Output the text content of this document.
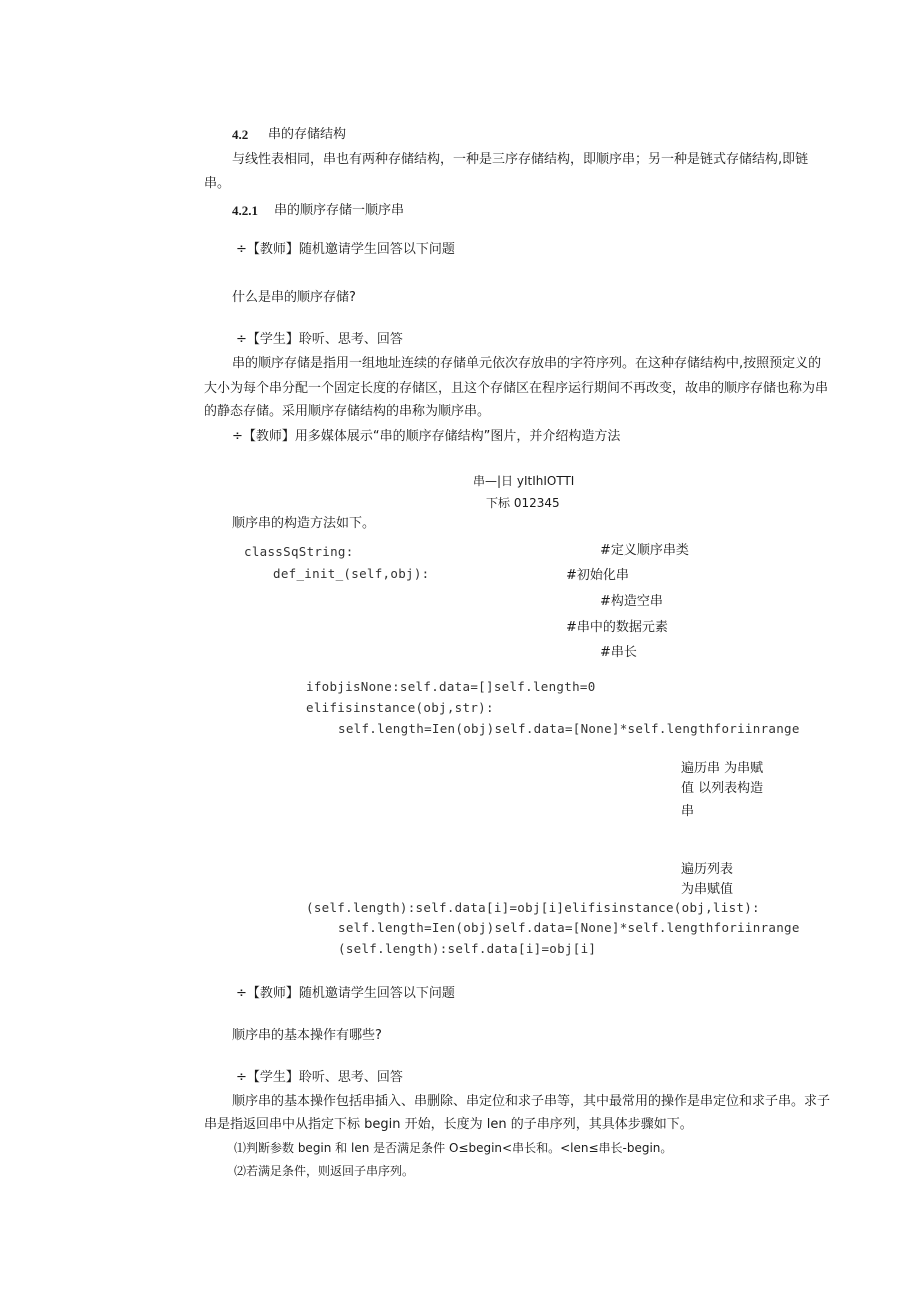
4.2 串的存储结构
与线性表相同，串也有两种存储结构，一种是三序存储结构，即顺序串；另一种是链式存储结构,即链
串。
4.2.1 串的顺序存储一顺序串
÷【教师】随机邀请学生回答以下问题
什么是串的顺序存储?
÷【学生】聆听、思考、回答
串的顺序存储是指用一组地址连续的存储单元依次存放串的字符序列。在这种存储结构中,按照预定义的
大小为每个串分配一个固定长度的存储区，且这个存储区在程序运行期间不再改变，故串的顺序存储也称为串
的静态存储。采用顺序存储结构的串称为顺序串。
÷【教师】用多媒体展示“串的顺序存储结构”图片，并介绍构造方法
串—|日 yItIhIOTTI
下标 012345
顺序串的构造方法如下。
classSqString:	#定义顺序串类
def_init_(self,obj):	#初始化串
#构造空串
#串中的数据元素
#串长
ifobjisNone:self.data=[]self.length=0
elifisinstance(obj,str):
self.length=Ien(obj)self.data=[None]*self.lengthforiinrange
遍历串 为串赋
值 以列表构造
串
遍历列表
为串赋值
(self.length):self.data[i]=obj[i]elifisinstance(obj,list):
self.length=Ien(obj)self.data=[None]*self.lengthforiinrange
(self.length):self.data[i]=obj[i]
÷【教师】随机邀请学生回答以下问题
顺序串的基本操作有哪些?
÷【学生】聆听、思考、回答
顺序串的基本操作包括串插入、串删除、串定位和求子串等，其中最常用的操作是串定位和求子串。求子
串是指返回串中从指定下标 begin 开始，长度为 len 的子串序列，其具体步骤如下。
⑴判断参数 begin 和 len 是否满足条件 O≤begin<串长和。<len≤串长-begin。
⑵若满足条件，则返回子串序列。
